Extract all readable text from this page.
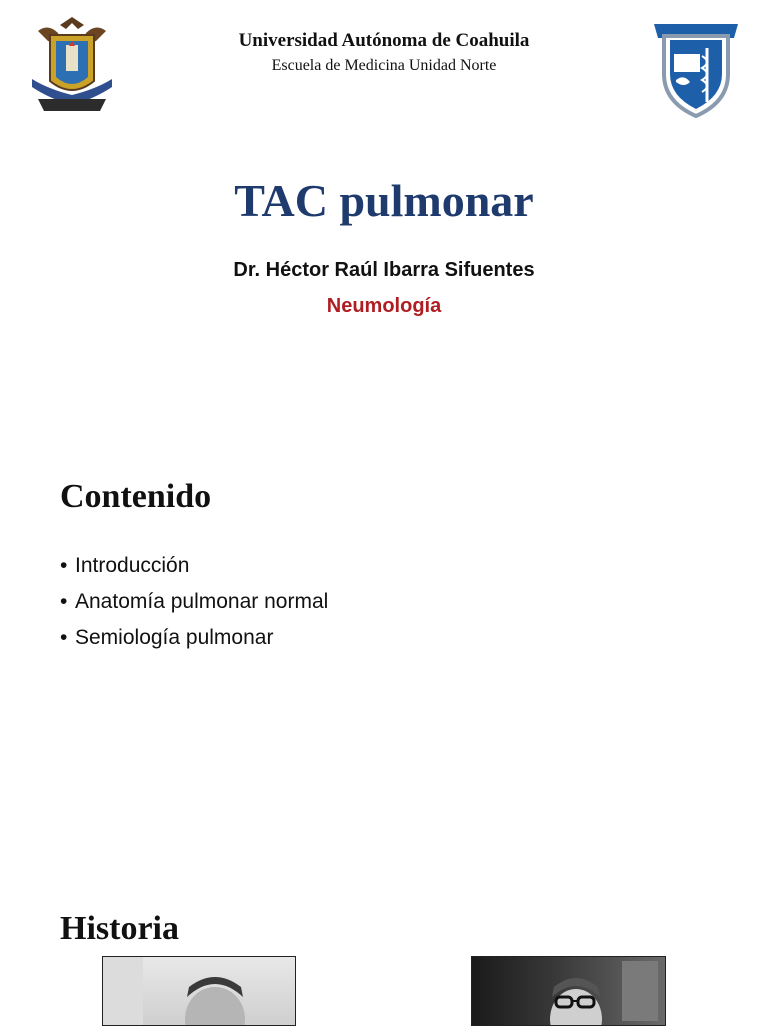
Universidad Autónoma de Coahuila
Escuela de Medicina Unidad Norte
TAC pulmonar
Dr. Héctor Raúl Ibarra Sifuentes
Neumología
Contenido
• Introducción
• Anatomía pulmonar normal
• Semiología pulmonar
Historia
